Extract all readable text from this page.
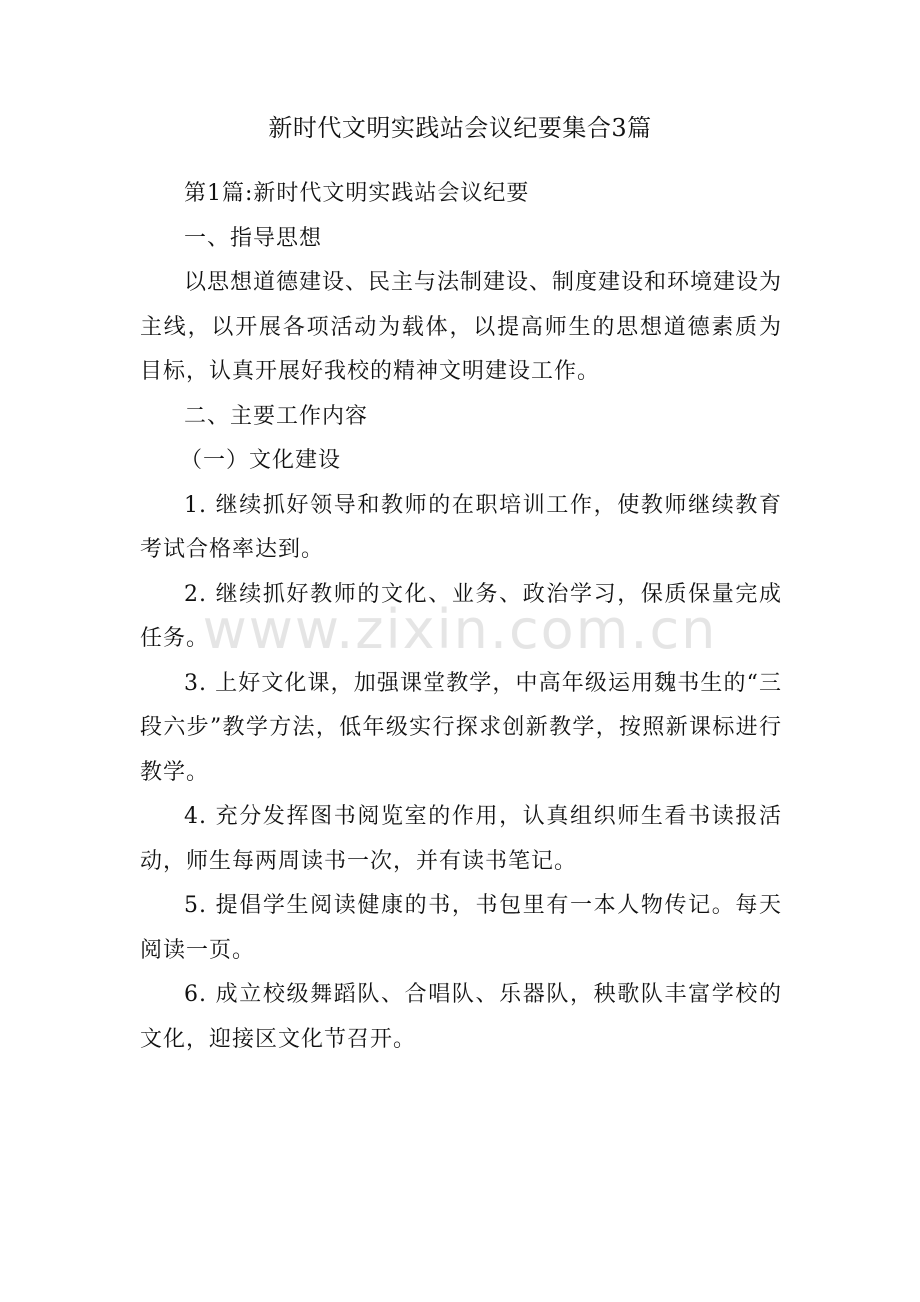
新时代文明实践站会议纪要集合3篇

第1篇:新时代文明实践站会议纪要

一、指导思想

以思想道德建设、民主与法制建设、制度建设和环境建设为主线，以开展各项活动为载体，以提高师生的思想道德素质为目标，认真开展好我校的精神文明建设工作。

二、主要工作内容

（一）文化建设

1. 继续抓好领导和教师的在职培训工作，使教师继续教育考试合格率达到。

2. 继续抓好教师的文化、业务、政治学习，保质保量完成任务。

3. 上好文化课，加强课堂教学，中高年级运用魏书生的“三段六步”教学方法，低年级实行探求创新教学，按照新课标进行教学。

4. 充分发挥图书阅览室的作用，认真组织师生看书读报活动，师生每两周读书一次，并有读书笔记。

5. 提倡学生阅读健康的书，书包里有一本人物传记。每天阅读一页。

6. 成立校级舞蹈队、合唱队、乐器队，秧歌队丰富学校的文化，迎接区文化节召开。

www.zixin.com.cn
